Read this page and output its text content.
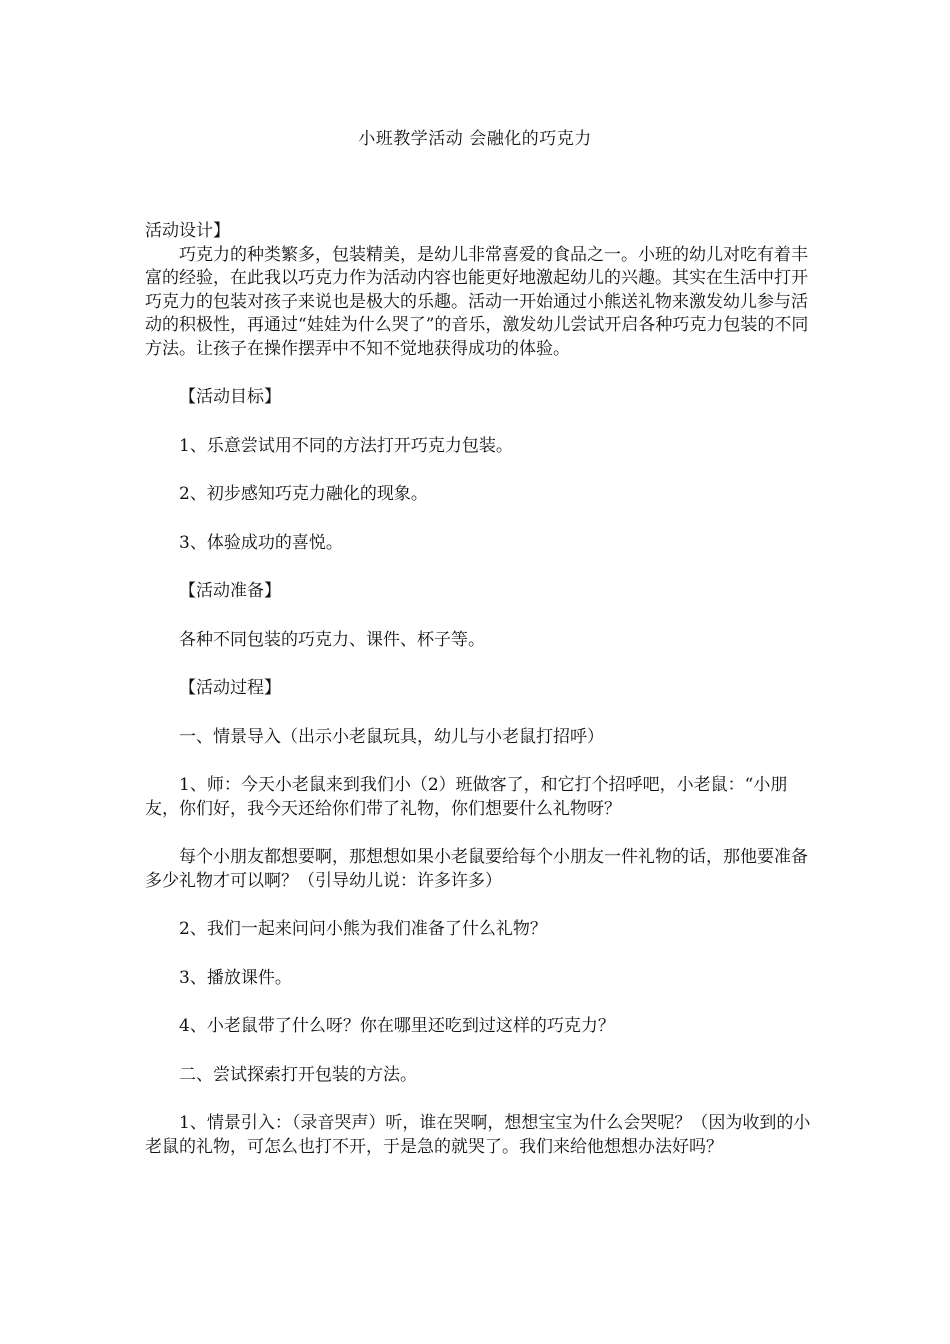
小班教学活动 会融化的巧克力

活动设计】

巧克力的种类繁多，包装精美，是幼儿非常喜爱的食品之一。小班的幼儿对吃有着丰富的经验，在此我以巧克力作为活动内容也能更好地激起幼儿的兴趣。其实在生活中打开巧克力的包装对孩子来说也是极大的乐趣。活动一开始通过小熊送礼物来激发幼儿参与活动的积极性，再通过“娃娃为什么哭了”的音乐，激发幼儿尝试开启各种巧克力包装的不同方法。让孩子在操作摆弄中不知不觉地获得成功的体验。

【活动目标】

1、乐意尝试用不同的方法打开巧克力包装。

2、初步感知巧克力融化的现象。

3、体验成功的喜悦。

【活动准备】

各种不同包装的巧克力、课件、杯子等。

【活动过程】

一、情景导入（出示小老鼠玩具，幼儿与小老鼠打招呼）

1、师：今天小老鼠来到我们小（2）班做客了，和它打个招呼吧，小老鼠：“小朋友，你们好，我今天还给你们带了礼物，你们想要什么礼物呀？

每个小朋友都想要啊，那想想如果小老鼠要给每个小朋友一件礼物的话，那他要准备多少礼物才可以啊？（引导幼儿说：许多许多）

2、我们一起来问问小熊为我们准备了什么礼物？

3、播放课件。

4、小老鼠带了什么呀？你在哪里还吃到过这样的巧克力？

二、尝试探索打开包装的方法。

1、情景引入：（录音哭声）听，谁在哭啊，想想宝宝为什么会哭呢？（因为收到的小老鼠的礼物，可怎么也打不开，于是急的就哭了。我们来给他想想办法好吗？
